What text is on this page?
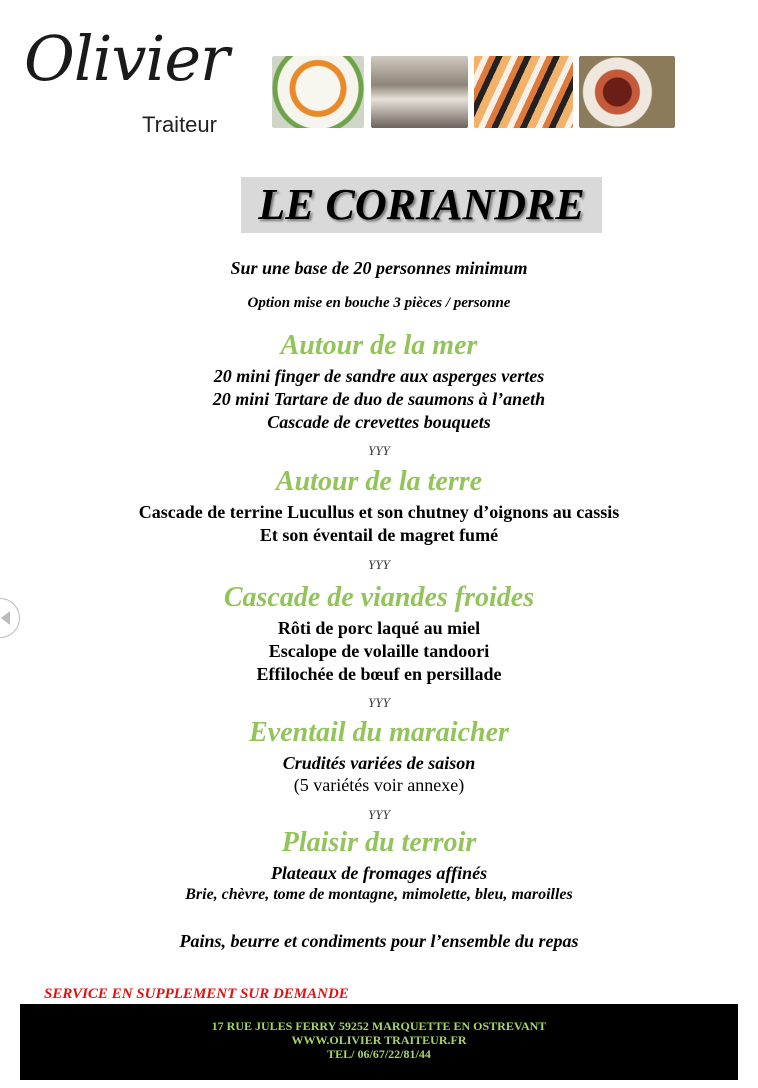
Olivier
Traiteur
LE CORIANDRE
Sur une base de 20 personnes minimum
Option mise en bouche 3 pièces / personne
Autour de la mer
20 mini finger de sandre aux asperges vertes
20 mini Tartare de duo de saumons à l’aneth
Cascade de crevettes bouquets
YYY
Autour de la terre
Cascade de terrine Lucullus et son chutney d’oignons au cassis
Et son éventail de magret fumé
YYY
Cascade de viandes froides
Rôti de porc laqué au miel
Escalope de volaille tandoori
Effilochée de bœuf en persillade
YYY
Eventail du maraicher
Crudités variées de saison
(5 variétés voir annexe)
YYY
Plaisir du terroir
Plateaux de fromages affinés
Brie, chèvre, tome de montagne, mimolette, bleu, maroilles
Pains, beurre et condiments pour l’ensemble du repas
SERVICE EN SUPPLEMENT SUR DEMANDE
17 RUE JULES FERRY 59252 MARQUETTE EN OSTREVANT
WWW.OLIVIER TRAITEUR.FR
TEL/ 06/67/22/81/44
